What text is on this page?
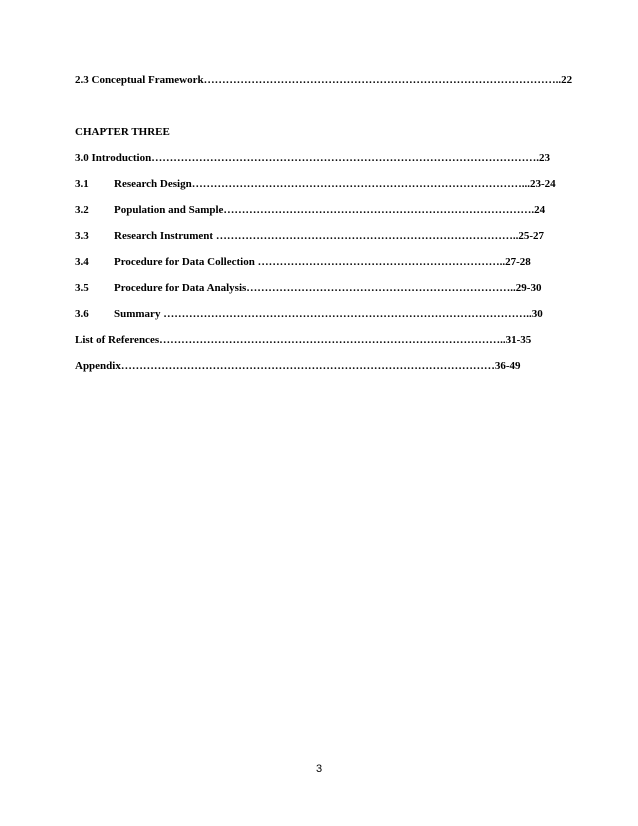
2.3 Conceptual Framework……………………………………………………………………………………..22
CHAPTER THREE
3.0 Introduction…………………………………………………………………………………………….23
3.1 Research Design………………………………………………………………………………...23-24
3.2 Population and Sample………………………………………………………………………….24
3.3 Research Instrument ………………………………………………………………………..25-27
3.4 Procedure for Data Collection …………………………………………………………..27-28
3.5 Procedure for Data Analysis………………………………………………………………..29-30
3.6 Summary ………………………………………………………………………………………..30
List of References…………………………………………………………………………………..31-35
Appendix…………………………………………………………………………………………36-49
3
